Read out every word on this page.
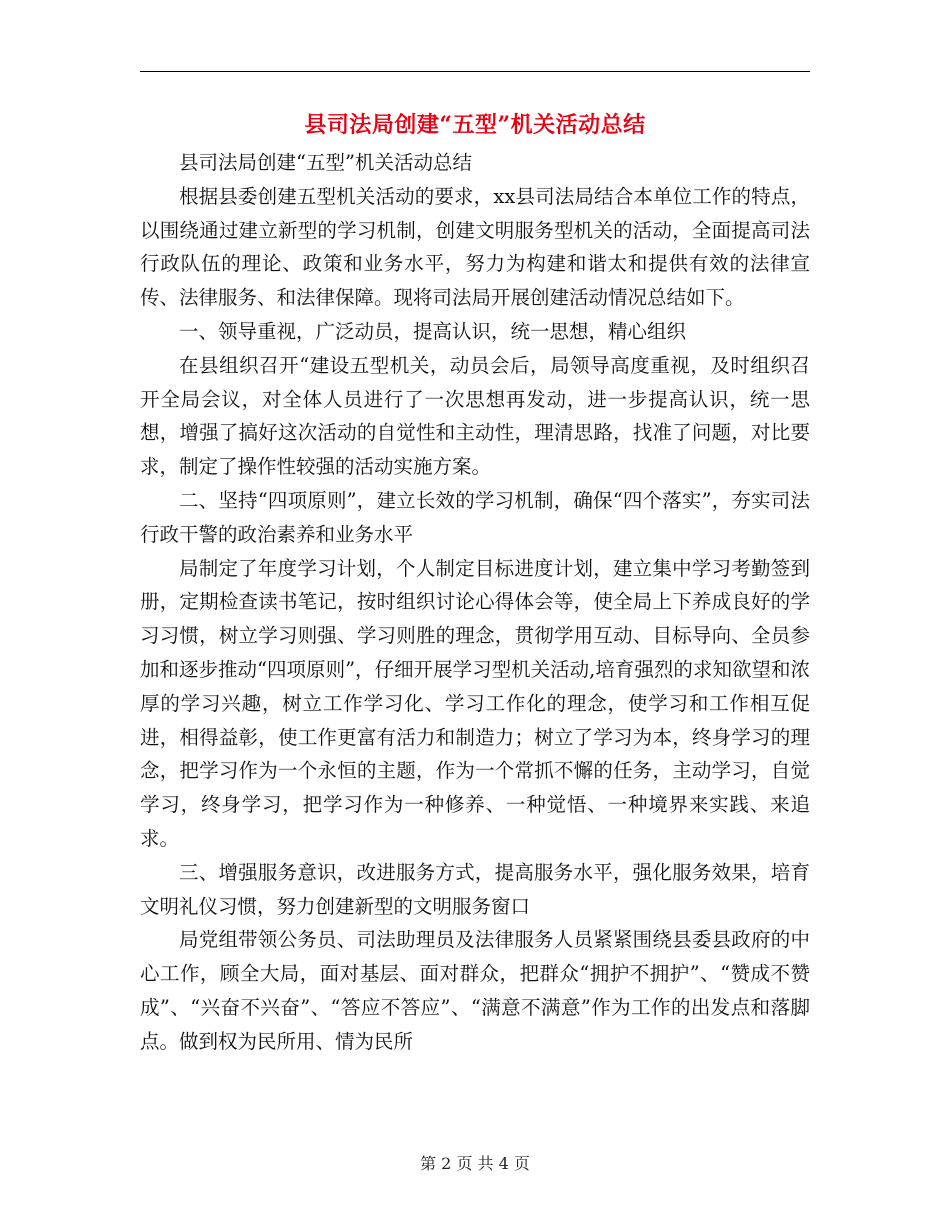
县司法局创建“五型”机关活动总结

县司法局创建“五型”机关活动总结

根据县委创建五型机关活动的要求，xx县司法局结合本单位工作的特点，以围绕通过建立新型的学习机制，创建文明服务型机关的活动，全面提高司法行政队伍的理论、政策和业务水平，努力为构建和谐太和提供有效的法律宣传、法律服务、和法律保障。现将司法局开展创建活动情况总结如下。

一、领导重视，广泛动员，提高认识，统一思想，精心组织

在县组织召开“建设五型机关，动员会后，局领导高度重视，及时组织召开全局会议，对全体人员进行了一次思想再发动，进一步提高认识，统一思想，增强了搞好这次活动的自觉性和主动性，理清思路，找准了问题，对比要求，制定了操作性较强的活动实施方案。

二、坚持“四项原则”，建立长效的学习机制，确保“四个落实”，夯实司法行政干警的政治素养和业务水平

局制定了年度学习计划，个人制定目标进度计划，建立集中学习考勤签到册，定期检查读书笔记，按时组织讨论心得体会等，使全局上下养成良好的学习习惯，树立学习则强、学习则胜的理念，贯彻学用互动、目标导向、全员参加和逐步推动“四项原则”，仔细开展学习型机关活动,培育强烈的求知欲望和浓厚的学习兴趣，树立工作学习化、学习工作化的理念，使学习和工作相互促进，相得益彰，使工作更富有活力和制造力；树立了学习为本，终身学习的理念，把学习作为一个永恒的主题，作为一个常抓不懈的任务，主动学习，自觉学习，终身学习，把学习作为一种修养、一种觉悟、一种境界来实践、来追求。

三、增强服务意识，改进服务方式，提高服务水平，强化服务效果，培育文明礼仪习惯，努力创建新型的文明服务窗口

局党组带领公务员、司法助理员及法律服务人员紧紧围绕县委县政府的中心工作，顾全大局，面对基层、面对群众，把群众“拥护不拥护”、“赞成不赞成”、“兴奋不兴奋”、“答应不答应”、“满意不满意”作为工作的出发点和落脚点。做到权为民所用、情为民所

第 2 页 共 4 页
